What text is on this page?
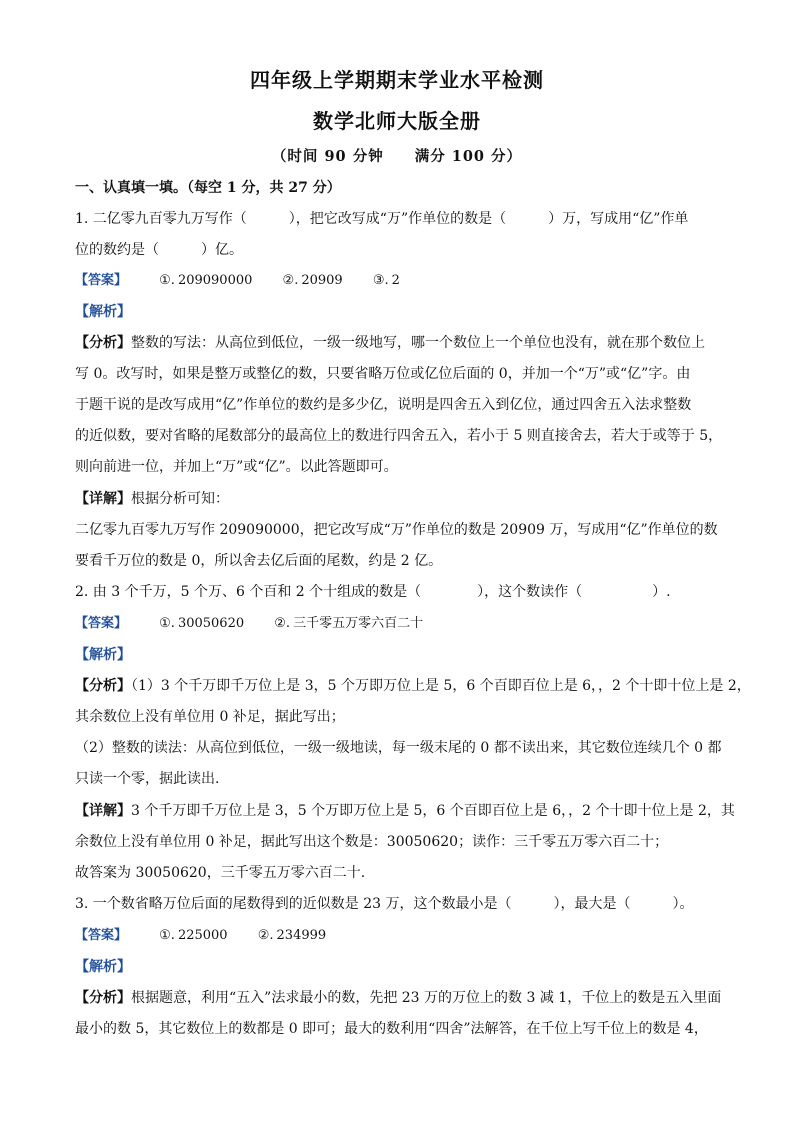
四年级上学期期末学业水平检测
数学北师大版全册
（时间 90 分钟　　满分 100 分）
一、认真填一填。（每空 1 分，共 27 分）
1. 二亿零九百零九万写作（　　　），把它改写成“万”作单位的数是（　　　）万，写成用“亿”作单
位的数约是（　　　）亿。
【答案】 ①. 209090000 ②. 20909 ③. 2
【解析】
【分析】整数的写法：从高位到低位，一级一级地写，哪一个数位上一个单位也没有，就在那个数位上
写 0。改写时，如果是整万或整亿的数，只要省略万位或亿位后面的 0，并加一个“万”或“亿”字。由
于题干说的是改写成用“亿”作单位的数约是多少亿，说明是四舍五入到亿位，通过四舍五入法求整数
的近似数，要对省略的尾数部分的最高位上的数进行四舍五入，若小于 5 则直接舍去，若大于或等于 5，
则向前进一位，并加上“万”或“亿”。以此答题即可。
【详解】根据分析可知：
二亿零九百零九万写作 209090000，把它改写成“万”作单位的数是 20909 万，写成用“亿”作单位的数
要看千万位的数是 0，所以舍去亿后面的尾数，约是 2 亿。
2. 由 3 个千万，5 个万、6 个百和 2 个十组成的数是（　　　　），这个数读作（　　　　　）.
【答案】 ①. 30050620 ②. 三千零五万零六百二十
【解析】
【分析】（1）3 个千万即千万位上是 3，5 个万即万位上是 5，6 个百即百位上是 6，，2 个十即十位上是 2，
其余数位上没有单位用 0 补足，据此写出；
（2）整数的读法：从高位到低位，一级一级地读，每一级末尾的 0 都不读出来，其它数位连续几个 0 都
只读一个零，据此读出.
【详解】3 个千万即千万位上是 3，5 个万即万位上是 5，6 个百即百位上是 6，，2 个十即十位上是 2，其
余数位上没有单位用 0 补足，据此写出这个数是：30050620；读作：三千零五万零六百二十；
故答案为 30050620，三千零五万零六百二十.
3. 一个数省略万位后面的尾数得到的近似数是 23 万，这个数最小是（　　　），最大是（　　　）。
【答案】 ①. 225000 ②. 234999
【解析】
【分析】根据题意，利用“五入”法求最小的数，先把 23 万的万位上的数 3 减 1，千位上的数是五入里面
最小的数 5，其它数位上的数都是 0 即可；最大的数利用“四舍”法解答，在千位上写千位上的数是 4，
